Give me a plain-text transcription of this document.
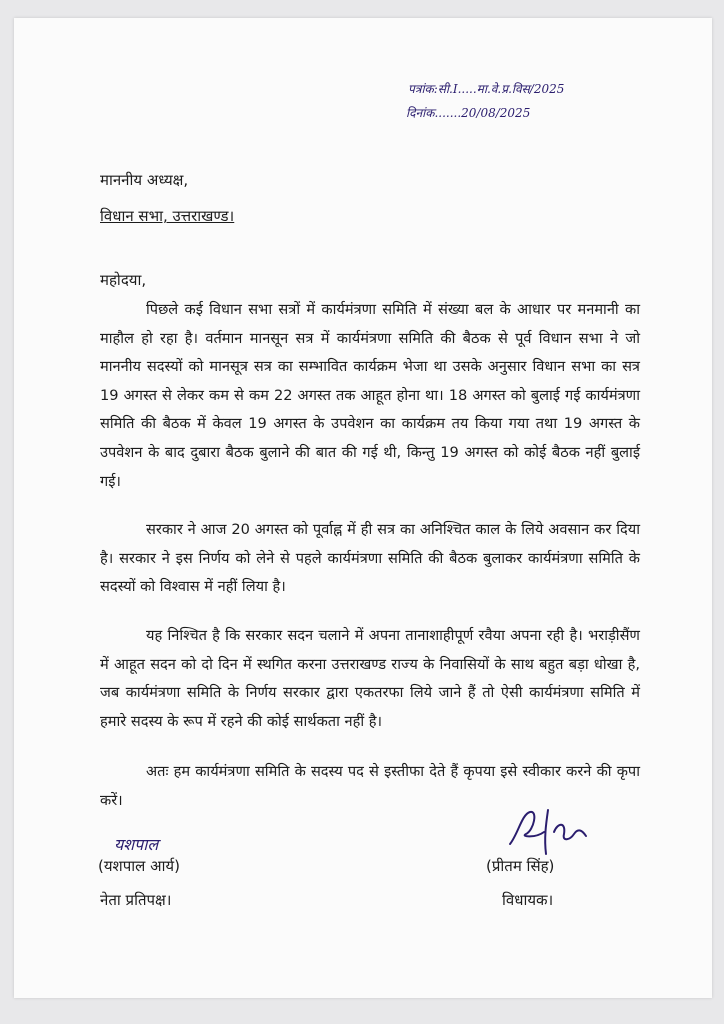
पत्रांक:सी.I.....मा.वे.प्र.विस/2025
दिनांक.......20/08/2025
माननीय अध्यक्ष,
विधान सभा, उत्तराखण्ड।
महोदया,

पिछले कई विधान सभा सत्रों में कार्यमंत्रणा समिति में संख्या बल के आधार पर मनमानी का माहौल हो रहा है। वर्तमान मानसून सत्र में कार्यमंत्रणा समिति की बैठक से पूर्व विधान सभा ने जो माननीय सदस्यों को मानसूत्र सत्र का सम्भावित कार्यक्रम भेजा था उसके अनुसार विधान सभा का सत्र 19 अगस्त से लेकर कम से कम 22 अगस्त तक आहूत होना था। 18 अगस्त को बुलाई गई कार्यमंत्रणा समिति की बैठक में केवल 19 अगस्त के उपवेशन का कार्यक्रम तय किया गया तथा 19 अगस्त के उपवेशन के बाद दुबारा बैठक बुलाने की बात की गई थी, किन्तु 19 अगस्त को कोई बैठक नहीं बुलाई गई।

सरकार ने आज 20 अगस्त को पूर्वाह्न में ही सत्र का अनिश्चित काल के लिये अवसान कर दिया है। सरकार ने इस निर्णय को लेने से पहले कार्यमंत्रणा समिति की बैठक बुलाकर कार्यमंत्रणा समिति के सदस्यों को विश्वास में नहीं लिया है।

यह निश्चित है कि सरकार सदन चलाने में अपना तानाशाहीपूर्ण रवैया अपना रही है। भराड़ीसैंण में आहूत सदन को दो दिन में स्थगित करना उत्तराखण्ड राज्य के निवासियों के साथ बहुत बड़ा धोखा है, जब कार्यमंत्रणा समिति के निर्णय सरकार द्वारा एकतरफा लिये जाने हैं तो ऐसी कार्यमंत्रणा समिति में हमारे सदस्य के रूप में रहने की कोई सार्थकता नहीं है।

अतः हम कार्यमंत्रणा समिति के सदस्य पद से इस्तीफा देते हैं कृपया इसे स्वीकार करने की कृपा करें।

यशपाल
(यशपाल आर्य)
नेता प्रतिपक्ष।
(प्रीतम सिंह)
विधायक।
